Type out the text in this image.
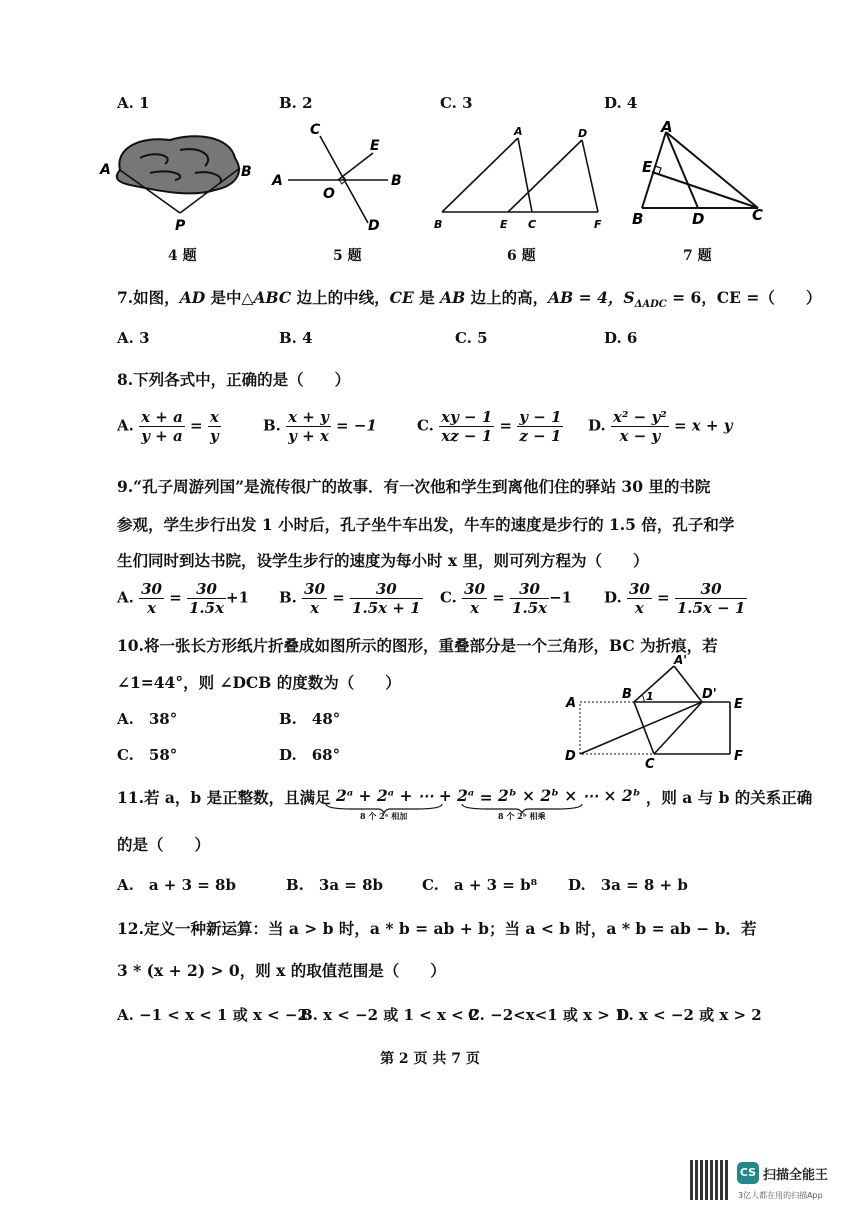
A. 1	B. 2	C. 3	D. 4
A	B
P
A	B
C
D
E
O
A
B	C
D
E	F
A
B	C
D
E
4 题	5 题	6 题	7 题
7.如图，AD 是中△ABC 边上的中线，CE 是 AB 边上的高，AB = 4，$S_{\Delta ADC} = 6$，CE =（　　）
A. 3	B. 4	C. 5	D. 6
8.下列各式中，正确的是（　　）
A. $\frac{x + a}{y + a} = \frac{x}{y}$	B. $\frac{x + y}{y + x} = -1$	C. $\frac{xy - 1}{xz - 1} = \frac{y - 1}{z - 1} D$. $\frac{\text{x² − y²}}{x - y} = x + y$
9.“孔子周游列国”是流传很广的故事．有一次他和学生到离他们住的驿站 30 里的书院
参观，学生步行出发 1 小时后，孔子坐牛车出发，牛车的速度是步行的 1.5 倍，孔子和学
生们同时到达书院，设学生步行的速度为每小时 x 里，则可列方程为（　　）
A. $\frac{30}{x} = \frac{30}{1.5x} +1$ B. $\frac{30}{x} = \frac{30}{1.5x + 1} C$. $\frac{30}{x} = \frac{30}{1.5x} -1$ D. $\frac{30}{x} = \frac{30}{1.5x - 1}$
10.将一张长方形纸片折叠成如图所示的图形，重叠部分是一个三角形，BC 为折痕，若
∠1=44°，则 ∠DCB 的度数为（　　）
A.　38°	B.　48°
C.　58°	D.　68°
1
A
A'
B
C
D
D'
E
F
11.若 a，b 是正整数，且满足 2ᵃ + 2ᵃ + ⋯ + 2ᵃ = 2ᵇ × 2ᵇ × ⋯ × 2ᵇ ，则 a 与 b 的关系正确
8 个 2ᵃ 相加	8 个 2ᵇ 相乘
的是（　　）
A.　a + 3 = 8b	B.　3a = 8b	C.　a + 3 = b⁸ D.　3a = 8 + b
12.定义一种新运算：当 a > b 时，a * b = ab + b；当 a < b 时，a * b = ab − b．若
3 * (x + 2) > 0，则 x 的取值范围是（　　）
A. −1 < x < 1 或 x < −2
B. x < −2 或 1 < x < 2
C. −2<x<1 或 x > 1
D. x < −2 或 x > 2
第 2 页 共 7 页
CS 扫描全能王
3亿人都在用的扫描App
